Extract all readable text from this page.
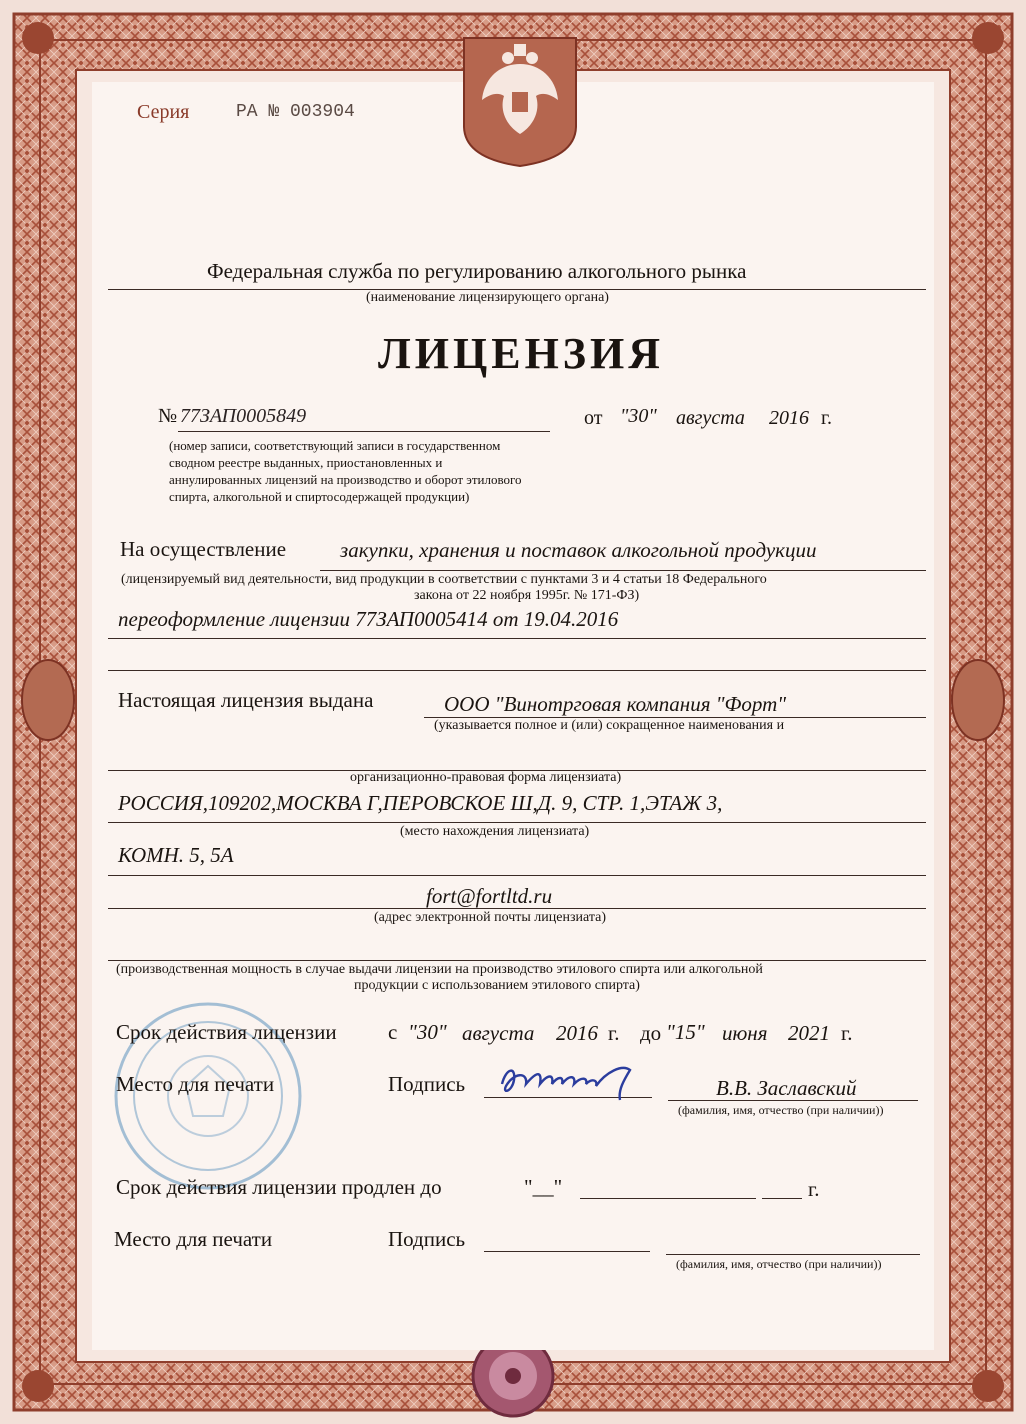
Серия	РА № 003904
Федеральная служба по регулированию алкогольного рынка
(наименование лицензирующего органа)
ЛИЦЕНЗИЯ
№ 77ЗАП0005849	от "30" августа 2016 г.
(номер записи, соответствующий записи в государственном
сводном реестре выданных, приостановленных и
аннулированных лицензий на производство и оборот этилового
спирта, алкогольной и спиртосодержащей продукции)
На осуществление	закупки, хранения и поставок алкогольной продукции
(лицензируемый вид деятельности, вид продукции в соответствии с пунктами 3 и 4 статьи 18 Федерального
закона от 22 ноября 1995г. № 171-ФЗ)
переоформление лицензии 77ЗАП0005414 от 19.04.2016
Настоящая лицензия выдана	ООО "Винотрговая компания "Форт"
(указывается полное и (или) сокращенное наименования и
организационно-правовая форма лицензиата)
РОССИЯ,109202,МОСКВА Г,ПЕРОВСКОЕ Ш,Д. 9, СТР. 1,ЭТАЖ 3,
(место нахождения лицензиата)
КОМН. 5, 5А
fort@fortltd.ru
(адрес электронной почты лицензиата)
(производственная мощность в случае выдачи лицензии на производство этилового спирта или алкогольной
продукции с использованием этилового спирта)
Срок действия лицензии с "30" августа 2016 г. до "15" июня 2021 г.
Место для печати	Подпись	В.В. Заславский
(фамилия, имя, отчество (при наличии))
Срок действия лицензии продлен до	"__"	г.
Место для печати	Подпись
(фамилия, имя, отчество (при наличии))
